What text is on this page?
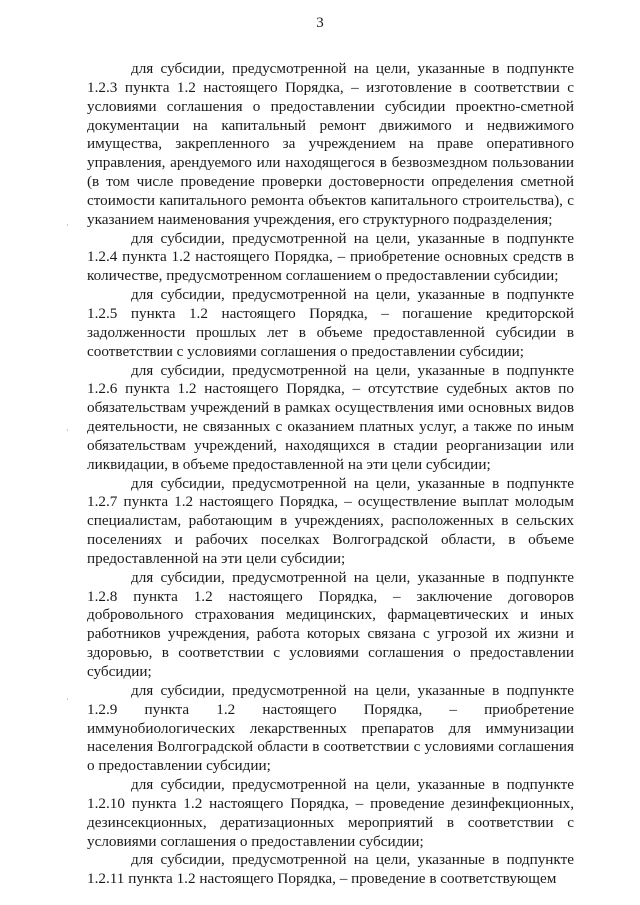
3
·
·
·

для субсидии, предусмотренной на цели, указанные в подпункте 1.2.3 пункта 1.2 настоящего Порядка, – изготовление в соответствии с условиями соглашения о предоставлении субсидии проектно-сметной документации на капитальный ремонт движимого и недвижимого имущества, закрепленного за учреждением на праве оперативного управления, арендуемого или находящегося в безвозмездном пользовании (в том числе проведение проверки достоверности определения сметной стоимости капитального ремонта объектов капитального строительства), с указанием наименования учреждения, его структурного подразделения;

для субсидии, предусмотренной на цели, указанные в подпункте 1.2.4 пункта 1.2 настоящего Порядка, – приобретение основных средств в количестве, предусмотренном соглашением о предоставлении субсидии;

для субсидии, предусмотренной на цели, указанные в подпункте 1.2.5 пункта 1.2 настоящего Порядка, – погашение кредиторской задолженности прошлых лет в объеме предоставленной субсидии в соответствии с условиями соглашения о предоставлении субсидии;

для субсидии, предусмотренной на цели, указанные в подпункте 1.2.6 пункта 1.2 настоящего Порядка, – отсутствие судебных актов по обязательствам учреждений в рамках осуществления ими основных видов деятельности, не связанных с оказанием платных услуг, а также по иным обязательствам учреждений, находящихся в стадии реорганизации или ликвидации, в объеме предоставленной на эти цели субсидии;

для субсидии, предусмотренной на цели, указанные в подпункте 1.2.7 пункта 1.2 настоящего Порядка, – осуществление выплат молодым специалистам, работающим в учреждениях, расположенных в сельских поселениях и рабочих поселках Волгоградской области, в объеме предоставленной на эти цели субсидии;

для субсидии, предусмотренной на цели, указанные в подпункте 1.2.8 пункта 1.2 настоящего Порядка, – заключение договоров добровольного страхования медицинских, фармацевтических и иных работников учреждения, работа которых связана с угрозой их жизни и здоровью, в соответствии с условиями соглашения о предоставлении субсидии;

для субсидии, предусмотренной на цели, указанные в подпункте 1.2.9 пункта 1.2 настоящего Порядка, – приобретение иммунобиологических лекарственных препаратов для иммунизации населения Волгоградской области в соответствии с условиями соглашения о предоставлении субсидии;

для субсидии, предусмотренной на цели, указанные в подпункте 1.2.10 пункта 1.2 настоящего Порядка, – проведение дезинфекционных, дезинсекционных, дератизационных мероприятий в соответствии с условиями соглашения о предоставлении субсидии;

для субсидии, предусмотренной на цели, указанные в подпункте 1.2.11 пункта 1.2 настоящего Порядка, – проведение в соответствующем
